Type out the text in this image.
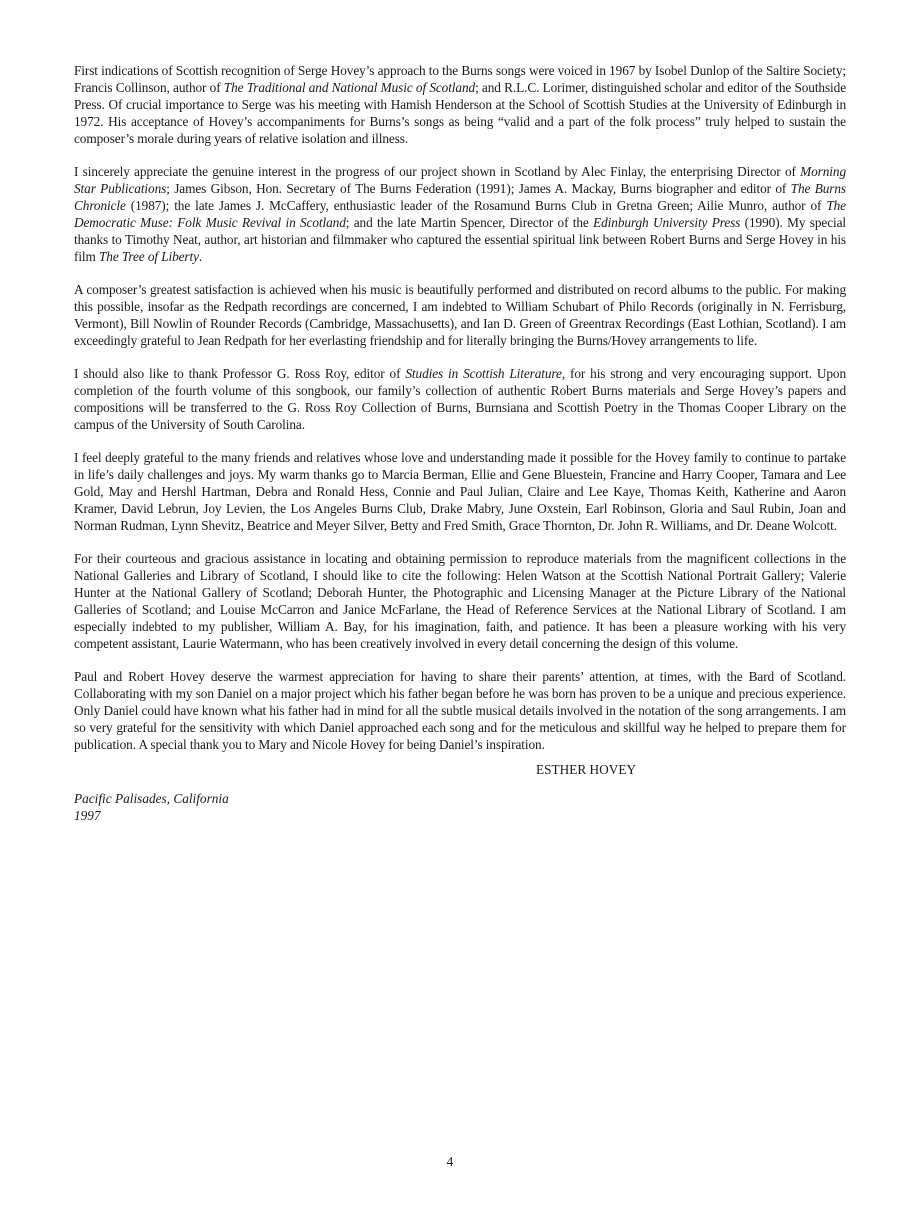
First indications of Scottish recognition of Serge Hovey’s approach to the Burns songs were voiced in 1967 by Isobel Dunlop of the Saltire Society; Francis Collinson, author of The Traditional and National Music of Scotland; and R.L.C. Lorimer, distinguished scholar and editor of the Southside Press. Of crucial importance to Serge was his meeting with Hamish Henderson at the School of Scottish Studies at the University of Edinburgh in 1972. His acceptance of Hovey’s accompaniments for Burns’s songs as being “valid and a part of the folk process” truly helped to sustain the composer’s morale during years of relative isolation and illness.

I sincerely appreciate the genuine interest in the progress of our project shown in Scotland by Alec Finlay, the enterprising Director of Morning Star Publications; James Gibson, Hon. Secretary of The Burns Federation (1991); James A. Mackay, Burns biographer and editor of The Burns Chronicle (1987); the late James J. McCaffery, enthusiastic leader of the Rosamund Burns Club in Gretna Green; Ailie Munro, author of The Democratic Muse: Folk Music Revival in Scotland; and the late Martin Spencer, Director of the Edinburgh University Press (1990). My special thanks to Timothy Neat, author, art historian and filmmaker who captured the essential spiritual link between Robert Burns and Serge Hovey in his film The Tree of Liberty.

A composer’s greatest satisfaction is achieved when his music is beautifully performed and distributed on record albums to the public. For making this possible, insofar as the Redpath recordings are concerned, I am indebted to William Schubart of Philo Records (originally in N. Ferrisburg, Vermont), Bill Nowlin of Rounder Records (Cambridge, Massachusetts), and Ian D. Green of Greentrax Recordings (East Lothian, Scotland). I am exceedingly grateful to Jean Redpath for her everlasting friendship and for literally bringing the Burns/Hovey arrangements to life.

I should also like to thank Professor G. Ross Roy, editor of Studies in Scottish Literature, for his strong and very encouraging support. Upon completion of the fourth volume of this songbook, our family’s collection of authentic Robert Burns materials and Serge Hovey’s papers and compositions will be transferred to the G. Ross Roy Collection of Burns, Burnsiana and Scottish Poetry in the Thomas Cooper Library on the campus of the University of South Carolina.

I feel deeply grateful to the many friends and relatives whose love and understanding made it possible for the Hovey family to continue to partake in life’s daily challenges and joys. My warm thanks go to Marcia Berman, Ellie and Gene Bluestein, Francine and Harry Cooper, Tamara and Lee Gold, May and Hershl Hartman, Debra and Ronald Hess, Connie and Paul Julian, Claire and Lee Kaye, Thomas Keith, Katherine and Aaron Kramer, David Lebrun, Joy Levien, the Los Angeles Burns Club, Drake Mabry, June Oxstein, Earl Robinson, Gloria and Saul Rubin, Joan and Norman Rudman, Lynn Shevitz, Beatrice and Meyer Silver, Betty and Fred Smith, Grace Thornton, Dr. John R. Williams, and Dr. Deane Wolcott.

For their courteous and gracious assistance in locating and obtaining permission to reproduce materials from the magnificent collections in the National Galleries and Library of Scotland, I should like to cite the following: Helen Watson at the Scottish National Portrait Gallery; Valerie Hunter at the National Gallery of Scotland; Deborah Hunter, the Photographic and Licensing Manager at the Picture Library of the National Galleries of Scotland; and Louise McCarron and Janice McFarlane, the Head of Reference Services at the National Library of Scotland. I am especially indebted to my publisher, William A. Bay, for his imagination, faith, and patience. It has been a pleasure working with his very competent assistant, Laurie Watermann, who has been creatively involved in every detail concerning the design of this volume.

Paul and Robert Hovey deserve the warmest appreciation for having to share their parents’ attention, at times, with the Bard of Scotland. Collaborating with my son Daniel on a major project which his father began before he was born has proven to be a unique and precious experience. Only Daniel could have known what his father had in mind for all the subtle musical details involved in the notation of the song arrangements. I am so very grateful for the sensitivity with which Daniel approached each song and for the meticulous and skillful way he helped to prepare them for publication. A special thank you to Mary and Nicole Hovey for being Daniel’s inspiration.

ESTHER HOVEY

Pacific Palisades, California
1997

4
